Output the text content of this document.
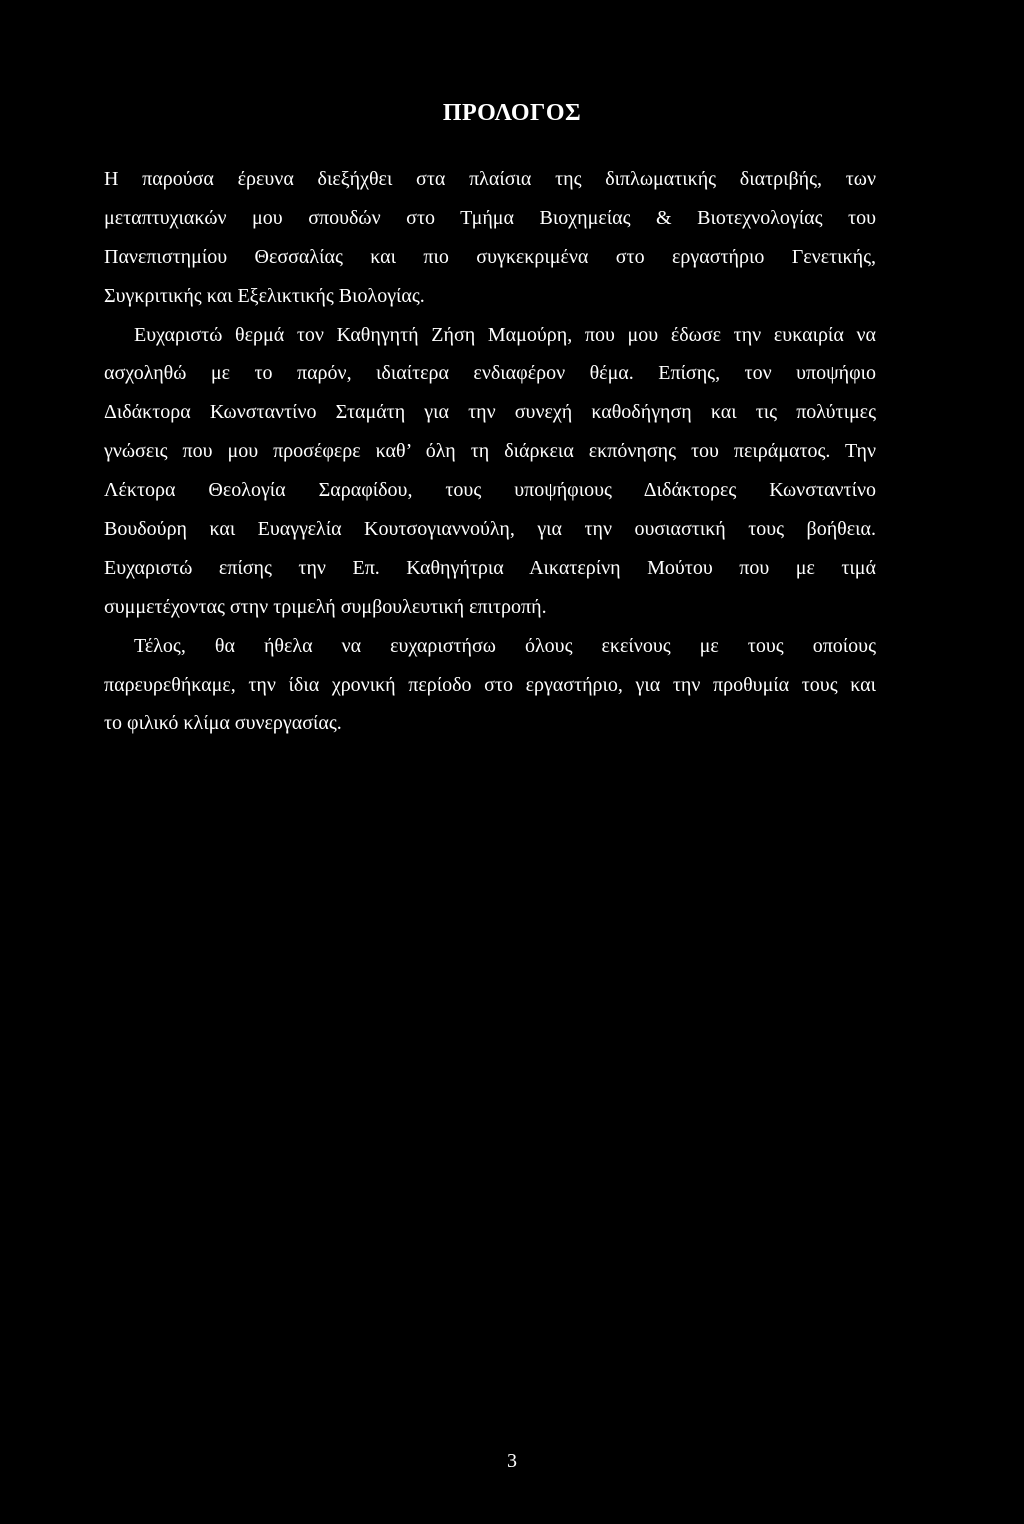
ΠΡΟΛΟΓΟΣ
Η παρούσα έρευνα διεξήχθει στα πλαίσια της διπλωματικής διατριβής, των
μεταπτυχιακών μου σπουδών στο Τμήμα Βιοχημείας & Βιοτεχνολογίας του
Πανεπιστημίου Θεσσαλίας και πιο συγκεκριμένα στο εργαστήριο Γενετικής,
Συγκριτικής και Εξελικτικής Βιολογίας.
Ευχαριστώ θερμά τον Καθηγητή Ζήση Μαμούρη, που μου έδωσε την ευκαιρία να
ασχοληθώ με το παρόν, ιδιαίτερα ενδιαφέρον θέμα. Επίσης, τον υποψήφιο
Διδάκτορα Κωνσταντίνο Σταμάτη για την συνεχή καθοδήγηση και τις πολύτιμες
γνώσεις που μου προσέφερε καθ’ όλη τη διάρκεια εκπόνησης του πειράματος. Την
Λέκτορα Θεολογία Σαραφίδου, τους υποψήφιους Διδάκτορες Κωνσταντίνο
Βουδούρη και Ευαγγελία Κουτσογιαννούλη, για την ουσιαστική τους βοήθεια.
Ευχαριστώ επίσης την Επ. Καθηγήτρια Αικατερίνη Μούτου που με τιμά
συμμετέχοντας στην τριμελή συμβουλευτική επιτροπή.
Τέλος, θα ήθελα να ευχαριστήσω όλους εκείνους με τους οποίους
παρευρεθήκαμε, την ίδια χρονική περίοδο στο εργαστήριο, για την προθυμία τους και
το φιλικό κλίμα συνεργασίας.
3
